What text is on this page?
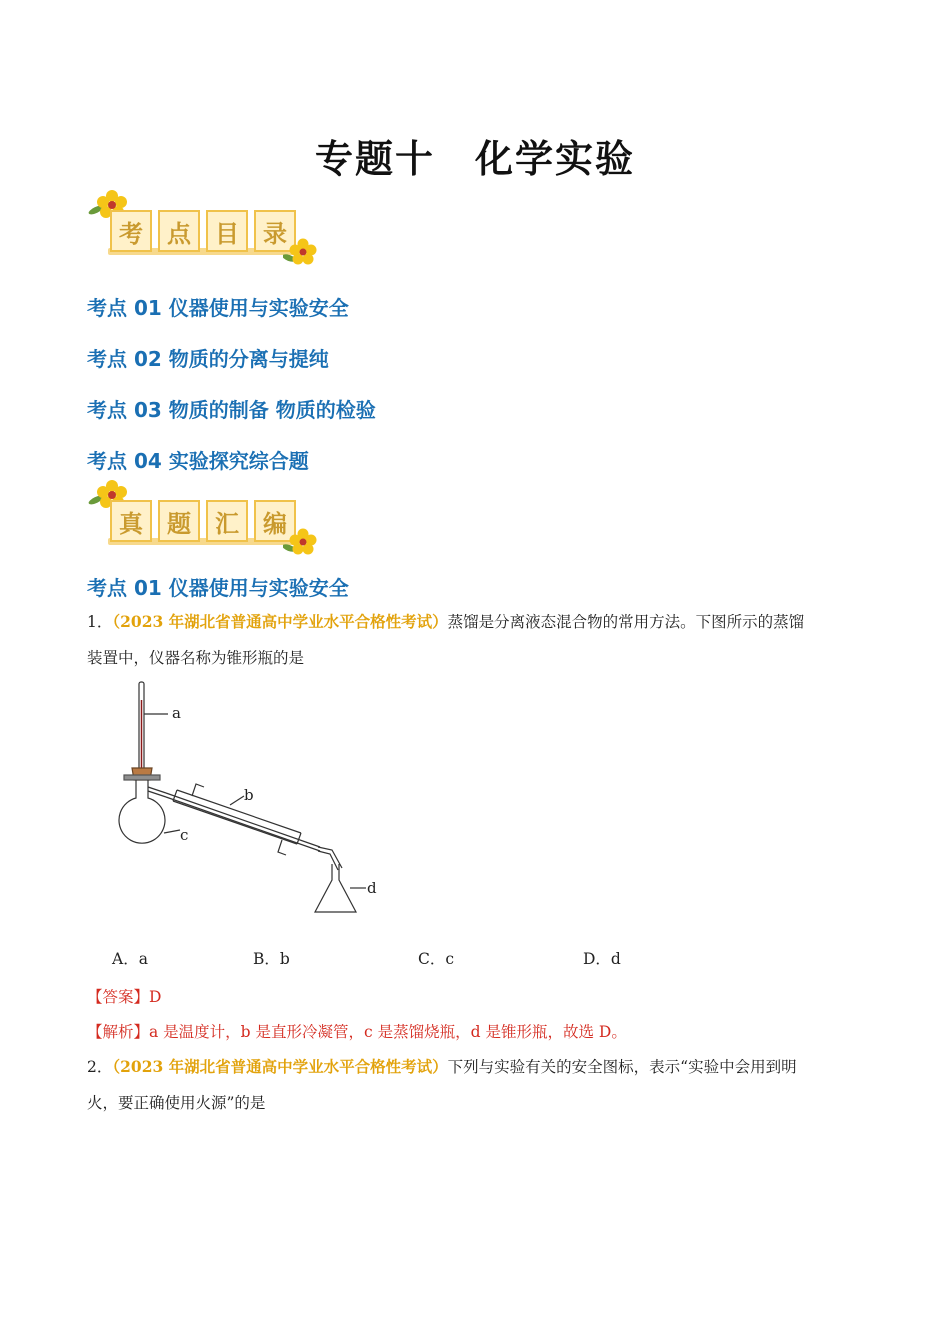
专题十　化学实验
考	点	目	录
考点 01 仪器使用与实验安全
考点 02 物质的分离与提纯
考点 03 物质的制备 物质的检验
考点 04 实验探究综合题
真	题	汇	编
考点 01 仪器使用与实验安全
1．（2023 年湖北省普通高中学业水平合格性考试）蒸馏是分离液态混合物的常用方法。下图所示的蒸馏
装置中，仪器名称为锥形瓶的是
a
b
c
d
A．a	B．b	C．c	D．d
【答案】D
【解析】a 是温度计，b 是直形冷凝管，c 是蒸馏烧瓶，d 是锥形瓶，故选 D。
2．（2023 年湖北省普通高中学业水平合格性考试）下列与实验有关的安全图标，表示“实验中会用到明
火，要正确使用火源”的是
